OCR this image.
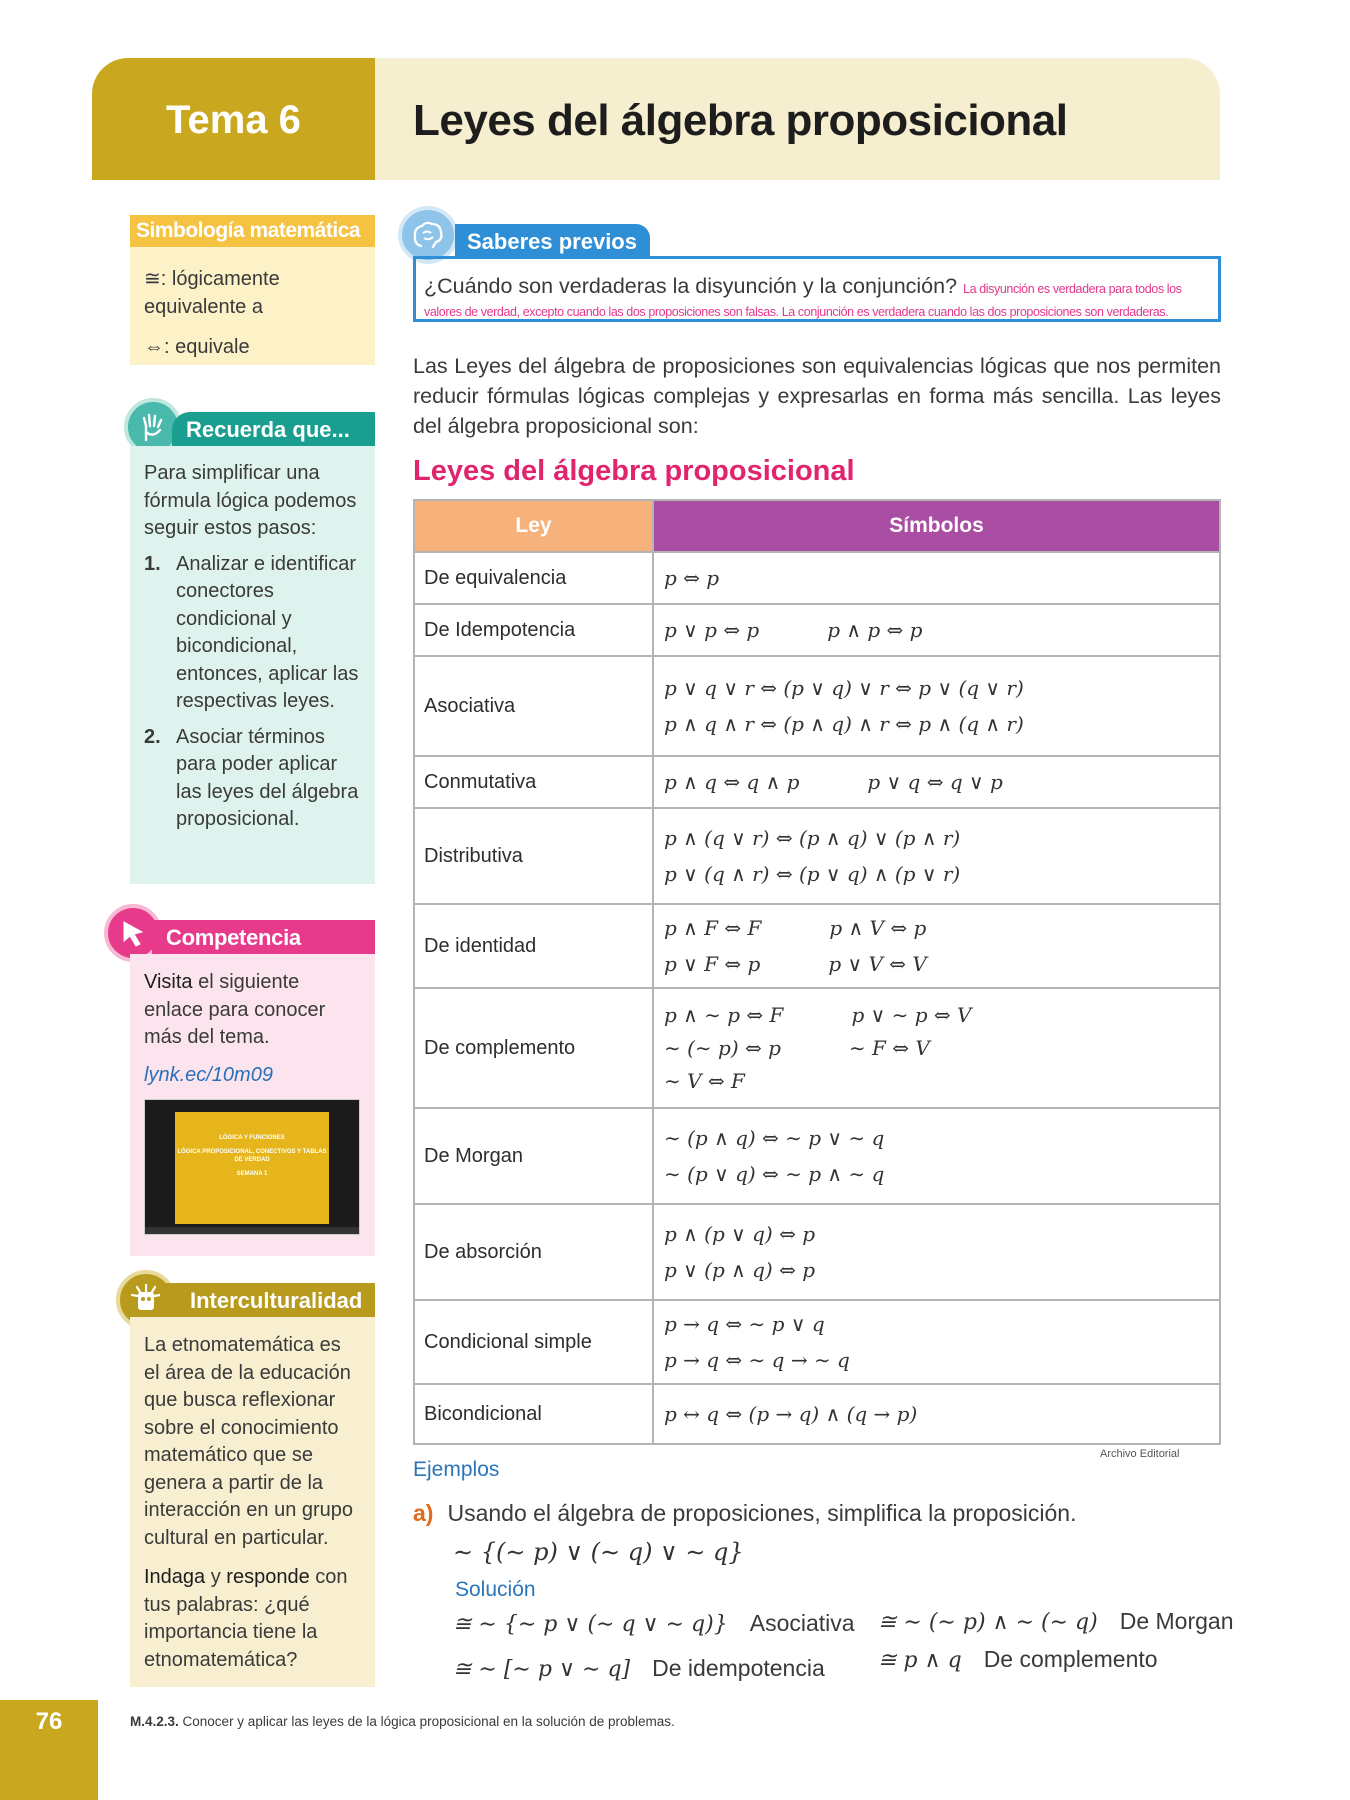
Tema 6	Leyes del álgebra proposicional
Simbología matemática

≅: lógicamente equivalente a

⇔: equivale

Recuerda que...
Para simplificar una fórmula lógica podemos seguir estos pasos:
1. Analizar e identificar conectores condicional y bicondicional, entonces, aplicar las respectivas leyes.
2. Asociar términos para poder aplicar las leyes del álgebra proposicional.
Competencia
Visita el siguiente enlace para conocer más del tema.
lynk.ec/10m09
LÓGICA Y FUNCIONES
LÓGICA PROPOSICIONAL, CONECTIVOS Y TABLAS DE VERDAD
SEMANA 1
Interculturalidad
La etnomatemática es el área de la educación que busca reflexionar sobre el conocimiento matemático que se genera a partir de la interacción en un grupo cultural en particular.
Indaga y responde con tus palabras: ¿qué importancia tiene la etnomatemática?
Saberes previos
¿Cuándo son verdaderas la disyunción y la conjunción? La disyunción es verdadera para todos los valores de verdad, excepto cuando las dos proposiciones son falsas. La conjunción es verdadera cuando las dos proposiciones son verdaderas.
Las Leyes del álgebra de proposiciones son equivalencias lógicas que nos permiten reducir fórmulas lógicas complejas y expresarlas en forma más sencilla. Las leyes del álgebra proposicional son:
Leyes del álgebra proposicional
Ley	Símbolos
De equivalencia	p ⇔ p

De Idempotencia	p ∨ p ⇔ p p ∧ p ⇔ p

Asociativa	p ∨ q ∨ r ⇔ (p ∨ q) ∨ r ⇔ p ∨ (q ∨ r)
p ∧ q ∧ r ⇔ (p ∧ q) ∧ r ⇔ p ∧ (q ∧ r)

Conmutativa	p ∧ q ⇔ q ∧ p p ∨ q ⇔ q ∨ p

Distributiva	p ∧ (q ∨ r) ⇔ (p ∧ q) ∨ (p ∧ r)
p ∨ (q ∧ r) ⇔ (p ∨ q) ∧ (p ∨ r)

De identidad	p ∧ F ⇔ F p ∧ V ⇔ p
p ∨ F ⇔ p p ∨ V ⇔ V

De complemento	p ∧ ∼ p ⇔ F p ∨ ∼ p ⇔ V
∼ (∼ p) ⇔ p ∼ F ⇔ V
∼ V ⇔ F

De Morgan	∼ (p ∧ q) ⇔ ∼ p ∨ ∼ q
∼ (p ∨ q) ⇔ ∼ p ∧ ∼ q

De absorción	p ∧ (p ∨ q) ⇔ p
p ∨ (p ∧ q) ⇔ p

Condicional simple	p → q ⇔ ∼ p ∨ q
p → q ⇔ ∼ q → ∼ q

Bicondicional	p ↔ q ⇔ (p → q) ∧ (q → p)
Archivo Editorial
Ejemplos
a) Usando el álgebra de proposiciones, simplifica la proposición.
∼ {(∼ p) ∨ (∼ q) ∨ ∼ q}
Solución
≅ ∼ {∼ p ∨ (∼ q ∨ ∼ q)} Asociativa
≅ ∼ [∼ p ∨ ∼ q] De idempotencia
≅ ∼ (∼ p) ∧ ∼ (∼ q) De Morgan
≅ p ∧ q De complemento
76	M.4.2.3. Conocer y aplicar las leyes de la lógica proposicional en la solución de problemas.
